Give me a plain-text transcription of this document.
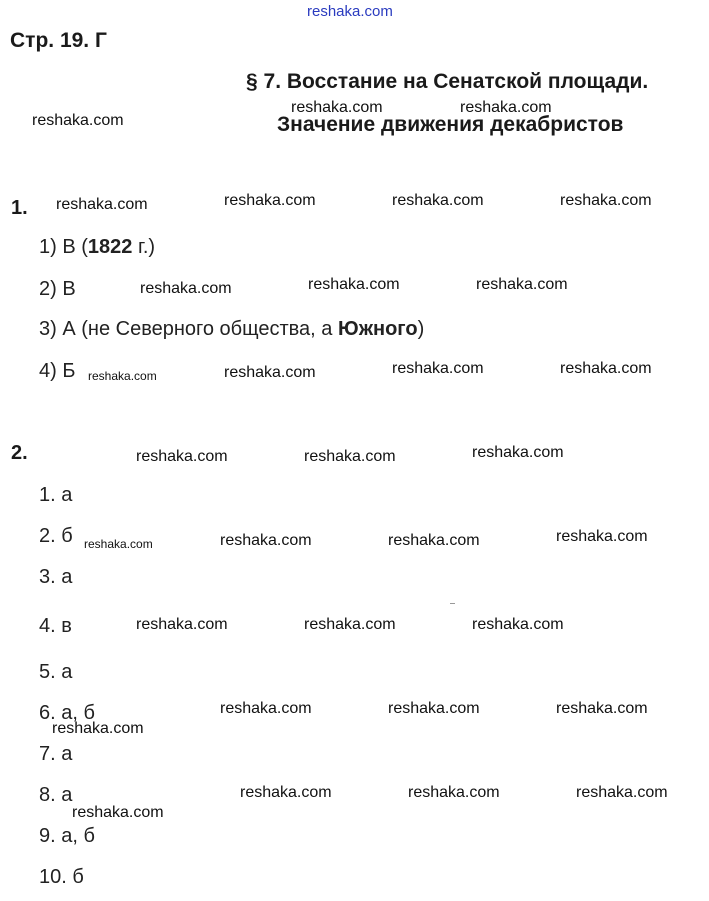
reshaka.com
Стр. 19. Г
§ 7. Восстание на Сенатской площади.
Значение движения декабристов
1.
1) В (1822 г.)
2) В
3) А (не Северного общества, а Южного)
4) Б
2.
1. а
2. б
3. а
4. в
5. а
6. а, б
7. а
8. а
9. а, б
10. б
reshaka.com	reshaka.com
reshaka.com
reshaka.com	reshaka.com	reshaka.com	reshaka.com
reshaka.com	reshaka.com	reshaka.com
reshaka.com	reshaka.com	reshaka.com	reshaka.com
reshaka.com	reshaka.com	reshaka.com
reshaka.com	reshaka.com	reshaka.com	reshaka.com
reshaka.com	reshaka.com	reshaka.com
reshaka.com	reshaka.com	reshaka.com
reshaka.com
reshaka.com	reshaka.com	reshaka.com
reshaka.com
